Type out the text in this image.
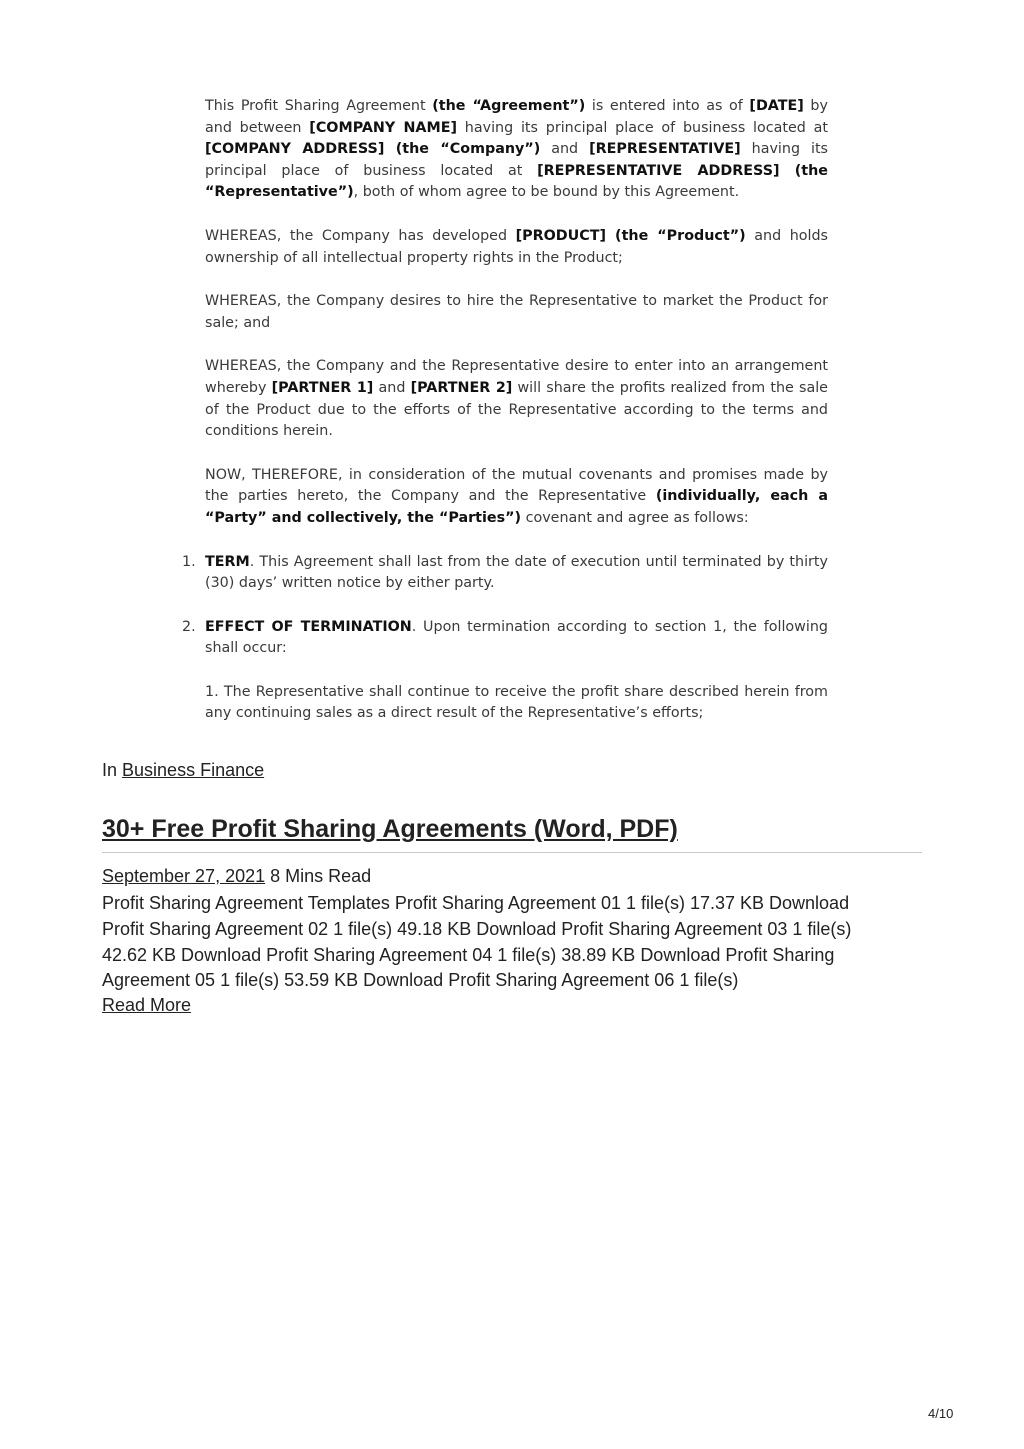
This Profit Sharing Agreement (the “Agreement”) is entered into as of [DATE] by and between [COMPANY NAME] having its principal place of business located at [COMPANY ADDRESS] (the “Company”) and [REPRESENTATIVE] having its principal place of business located at [REPRESENTATIVE ADDRESS] (the “Representative”), both of whom agree to be bound by this Agreement.

WHEREAS, the Company has developed [PRODUCT] (the “Product”) and holds ownership of all intellectual property rights in the Product;

WHEREAS, the Company desires to hire the Representative to market the Product for sale; and

WHEREAS, the Company and the Representative desire to enter into an arrangement whereby [PARTNER 1] and [PARTNER 2] will share the profits realized from the sale of the Product due to the efforts of the Representative according to the terms and conditions herein.

NOW, THEREFORE, in consideration of the mutual covenants and promises made by the parties hereto, the Company and the Representative (individually, each a “Party” and collectively, the “Parties”) covenant and agree as follows:

1. TERM. This Agreement shall last from the date of execution until terminated by thirty (30) days’ written notice by either party.
2. EFFECT OF TERMINATION. Upon termination according to section 1, the following shall occur:
1. The Representative shall continue to receive the profit share described herein from any continuing sales as a direct result of the Representative’s efforts;
In Business Finance
30+ Free Profit Sharing Agreements (Word, PDF)
September 27, 2021 8 Mins Read

Profit Sharing Agreement Templates Profit Sharing Agreement 01 1 file(s) 17.37 KB Download Profit Sharing Agreement 02 1 file(s) 49.18 KB Download Profit Sharing Agreement 03 1 file(s) 42.62 KB Download Profit Sharing Agreement 04 1 file(s) 38.89 KB Download Profit Sharing Agreement 05 1 file(s) 53.59 KB Download Profit Sharing Agreement 06 1 file(s)

Read More
4/10
